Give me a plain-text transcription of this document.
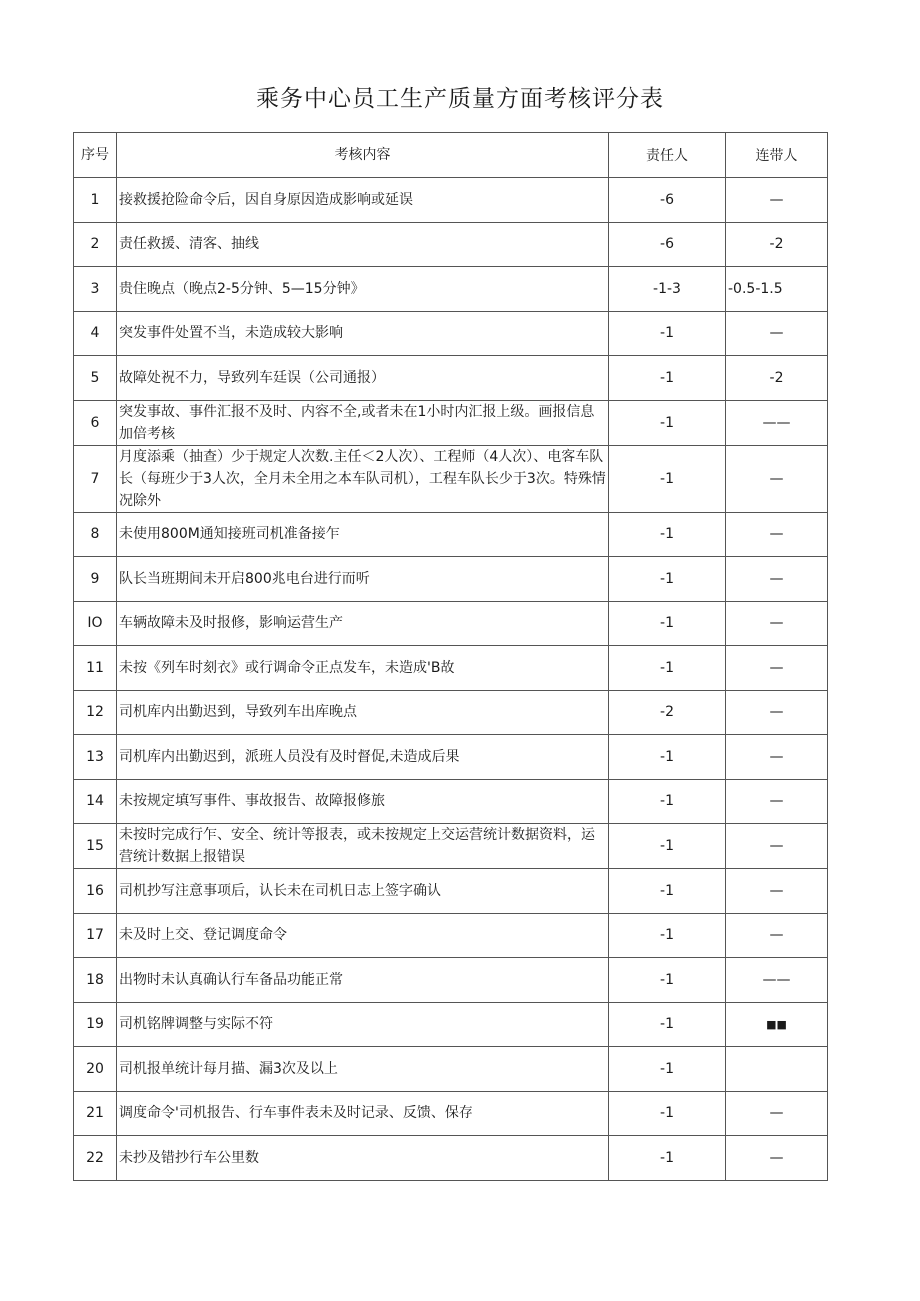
乘务中心员工生产质量方面考核评分表
序号	考核内容	责任人	连带人
1	接救援抢险命令后，因自身原因造成影响或延误	-6	—
2	责任救援、清客、抽线	-6	-2
3	贵住晚点（晚点2-5分钟、5—15分钟》	-1-3	-0.5-1.5
4	突发事件处置不当，未造成较大影响	-1	—
5	故障处祝不力，导致列车廷误（公司通报）	-1	-2
6	突发事故、事件汇报不及时、内容不全,或者未在1小时内汇报上级。画报信息加倍考核	-1	——
7	月度添乘（抽查）少于规定人次数.主任＜2人次）、工程师（4人次）、电客车队长（每班少于3人次，全月未全用之本车队司机），工程车队长少于3次。特殊情况除外	-1	—
8	未使用800M通知接班司机准备接乍	-1	—
9	队长当班期间未开启800兆电台进行而听	-1	—
IO	车辆故障未及时报修，影响运营生产	-1	—
11	未按《列车时刻衣》或行调命令正点发车，未造成'B故	-1	—
12	司机库内出勤迟到，导致列车出库晚点	-2	—
13	司机库内出勤迟到，派班人员没有及时督促,未造成后果	-1	—
14	未按规定填写事件、事故报告、故障报修旅	-1	—
15	未按时完成行乍、安全、统计等报表，或未按规定上交运营统计数据资料，运营统计数据上报错误	-1	—
16	司机抄写注意事项后，认长未在司机日志上签字确认	-1	—
17	未及时上交、登记调度命令	-1	—
18	出物时未认真确认行车备品功能正常	-1	——
19	司机铭牌调整与实际不符	-1	■■
20	司机报单统计每月描、漏3次及以上	-1	
21	调度命令'司机报告、行车事件表未及时记录、反馈、保存	-1	—
22	未抄及错抄行车公里数	-1	—
